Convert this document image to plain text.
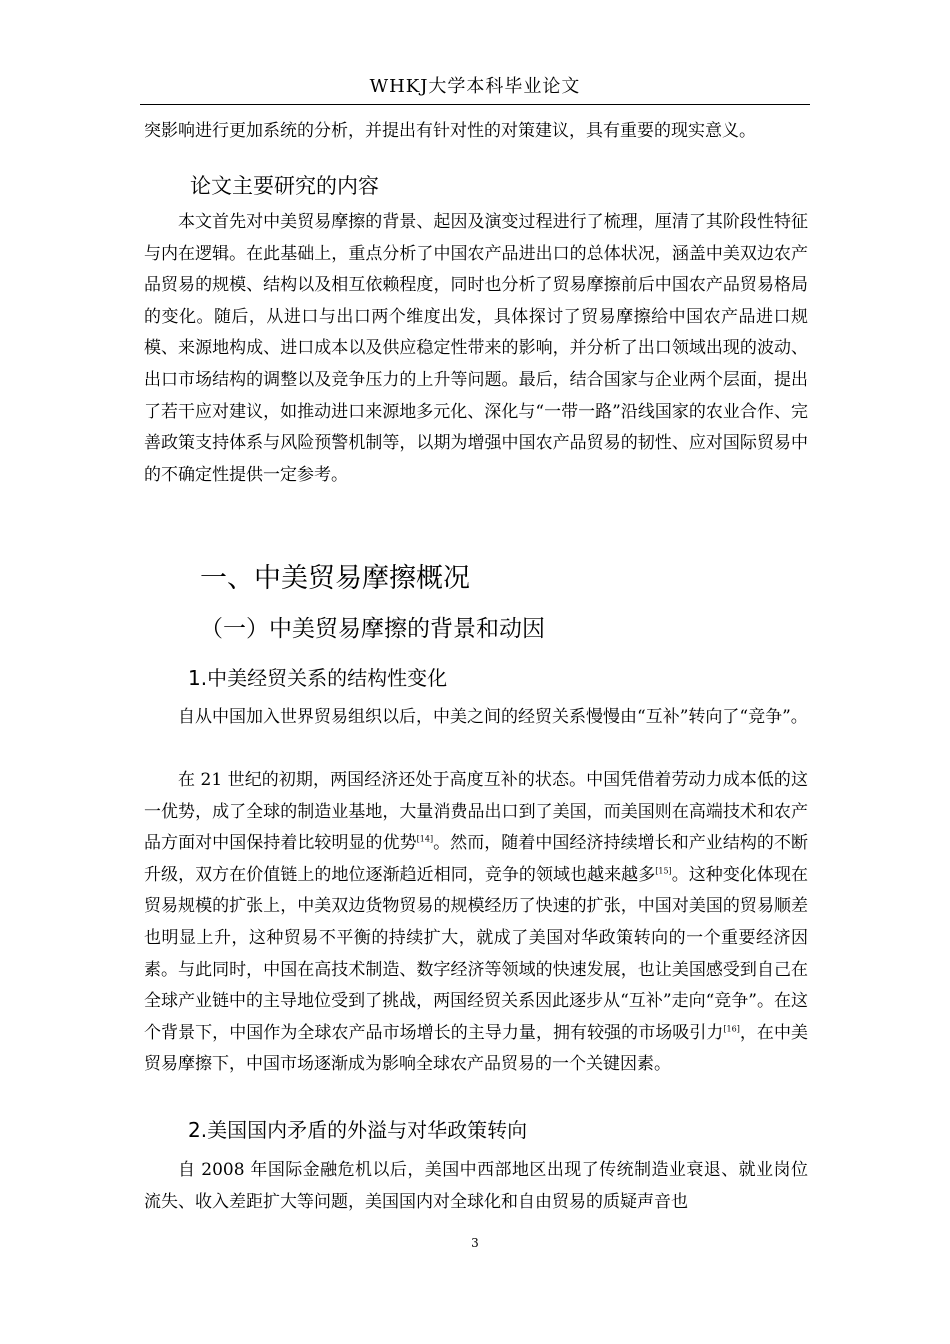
WHKJ大学本科毕业论文
突影响进行更加系统的分析，并提出有针对性的对策建议，具有重要的现实意义。
论文主要研究的内容
本文首先对中美贸易摩擦的背景、起因及演变过程进行了梳理，厘清了其阶段性特征与内在逻辑。在此基础上，重点分析了中国农产品进出口的总体状况，涵盖中美双边农产品贸易的规模、结构以及相互依赖程度，同时也分析了贸易摩擦前后中国农产品贸易格局的变化。随后，从进口与出口两个维度出发，具体探讨了贸易摩擦给中国农产品进口规模、来源地构成、进口成本以及供应稳定性带来的影响，并分析了出口领域出现的波动、出口市场结构的调整以及竞争压力的上升等问题。最后，结合国家与企业两个层面，提出了若干应对建议，如推动进口来源地多元化、深化与“一带一路”沿线国家的农业合作、完善政策支持体系与风险预警机制等，以期为增强中国农产品贸易的韧性、应对国际贸易中的不确定性提供一定参考。
一、中美贸易摩擦概况
（一）中美贸易摩擦的背景和动因
1.中美经贸关系的结构性变化
自从中国加入世界贸易组织以后，中美之间的经贸关系慢慢由“互补”转向了“竞争”。
在 21 世纪的初期，两国经济还处于高度互补的状态。中国凭借着劳动力成本低的这一优势，成了全球的制造业基地，大量消费品出口到了美国，而美国则在高端技术和农产品方面对中国保持着比较明显的优势[14]。然而，随着中国经济持续增长和产业结构的不断升级，双方在价值链上的地位逐渐趋近相同，竞争的领域也越来越多[15]。这种变化体现在贸易规模的扩张上，中美双边货物贸易的规模经历了快速的扩张，中国对美国的贸易顺差也明显上升，这种贸易不平衡的持续扩大，就成了美国对华政策转向的一个重要经济因素。与此同时，中国在高技术制造、数字经济等领域的快速发展，也让美国感受到自己在全球产业链中的主导地位受到了挑战，两国经贸关系因此逐步从“互补”走向“竞争”。在这个背景下，中国作为全球农产品市场增长的主导力量，拥有较强的市场吸引力[16]，在中美贸易摩擦下，中国市场逐渐成为影响全球农产品贸易的一个关键因素。
2.美国国内矛盾的外溢与对华政策转向
自 2008 年国际金融危机以后，美国中西部地区出现了传统制造业衰退、就业岗位流失、收入差距扩大等问题，美国国内对全球化和自由贸易的质疑声音也
3
